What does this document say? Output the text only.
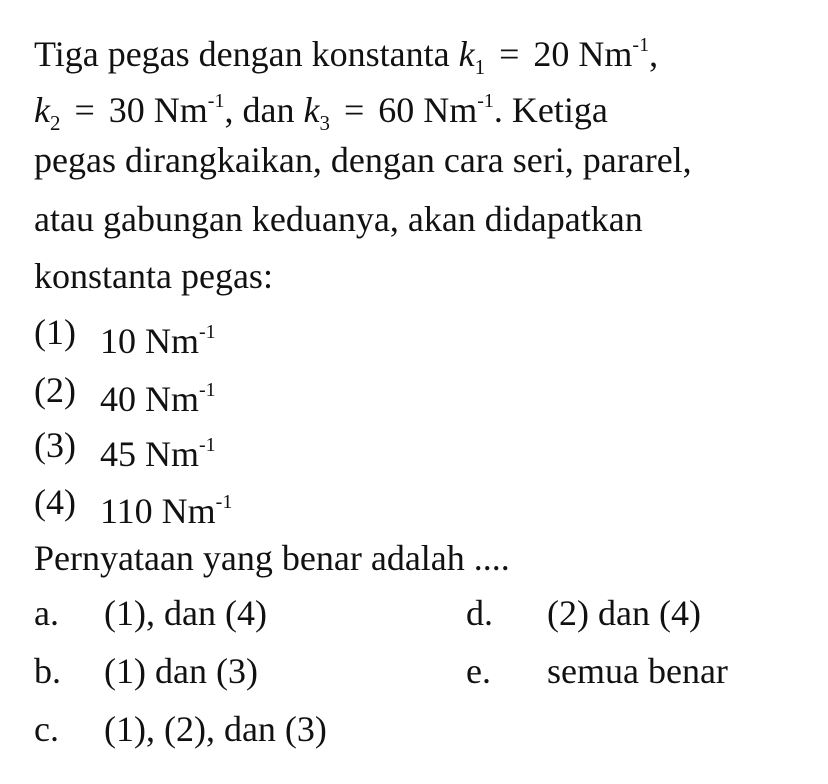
Tiga pegas dengan konstanta $k_1 = 20$ $Nm^{-1}$,
$k_2 = 30$ $Nm^{-1}$, dan $k_3 = 60$ $Nm^{-1}$. Ketiga
pegas dirangkaikan, dengan cara seri, pararel,
atau gabungan keduanya, akan didapatkan
konstanta pegas:
(1) 10 $Nm^{-1}$
(2) 40 $Nm^{-1}$
(3) 45 $Nm^{-1}$
(4) 110 $Nm^{-1}$
Pernyataan yang benar adalah ....
a. (1), dan (4)
b. (1) dan (3)
c. (1), (2), dan (3)
d. (2) dan (4)
e. semua benar
